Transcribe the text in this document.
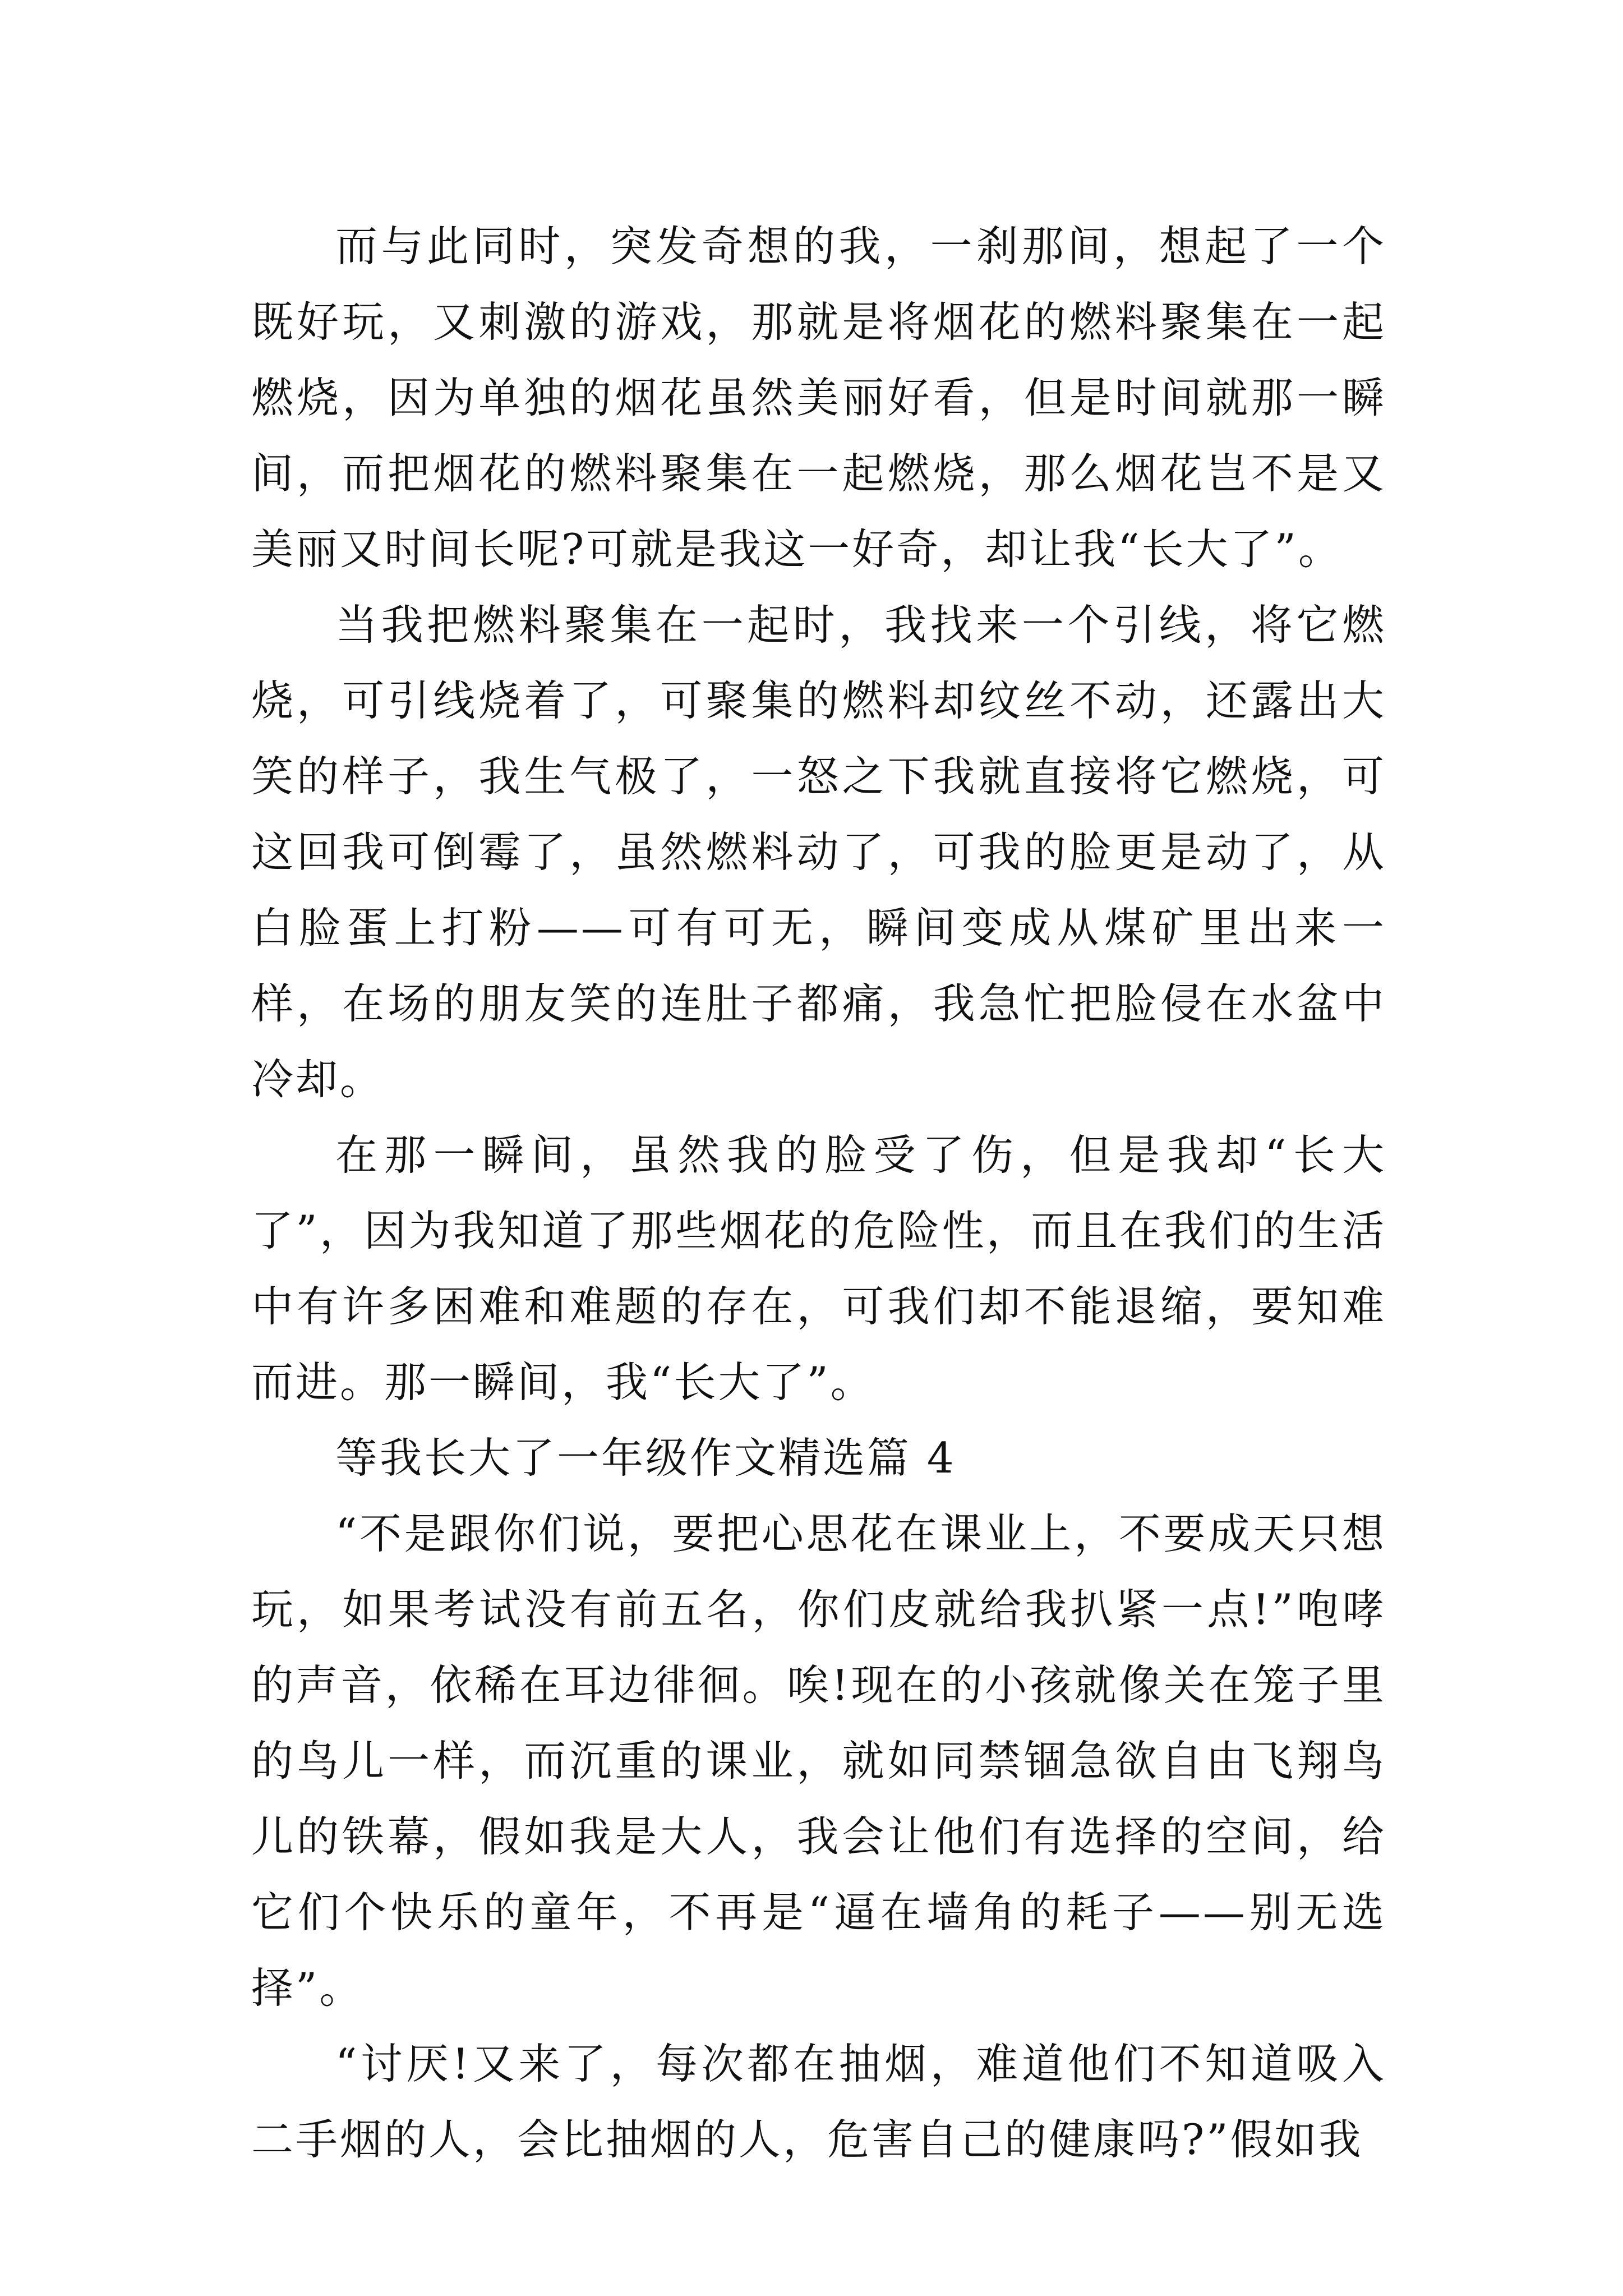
而与此同时，突发奇想的我，一刹那间，想起了一个既好玩，又刺激的游戏，那就是将烟花的燃料聚集在一起燃烧，因为单独的烟花虽然美丽好看，但是时间就那一瞬间，而把烟花的燃料聚集在一起燃烧，那么烟花岂不是又美丽又时间长呢?可就是我这一好奇，却让我“长大了”。

当我把燃料聚集在一起时，我找来一个引线，将它燃烧，可引线烧着了，可聚集的燃料却纹丝不动，还露出大笑的样子，我生气极了，一怒之下我就直接将它燃烧，可这回我可倒霉了，虽然燃料动了，可我的脸更是动了，从白脸蛋上打粉——可有可无，瞬间变成从煤矿里出来一样，在场的朋友笑的连肚子都痛，我急忙把脸侵在水盆中冷却。

在那一瞬间，虽然我的脸受了伤，但是我却“长大了”，因为我知道了那些烟花的危险性，而且在我们的生活中有许多困难和难题的存在，可我们却不能退缩，要知难而进。那一瞬间，我“长大了”。

等我长大了一年级作文精选篇 4

“不是跟你们说，要把心思花在课业上，不要成天只想玩，如果考试没有前五名，你们皮就给我扒紧一点!”咆哮的声音，依稀在耳边徘徊。唉!现在的小孩就像关在笼子里的鸟儿一样，而沉重的课业，就如同禁锢急欲自由飞翔鸟儿的铁幕，假如我是大人，我会让他们有选择的空间，给它们个快乐的童年，不再是“逼在墙角的耗子——别无选择”。

“讨厌!又来了，每次都在抽烟，难道他们不知道吸入二手烟的人，会比抽烟的人，危害自己的健康吗?”假如我
